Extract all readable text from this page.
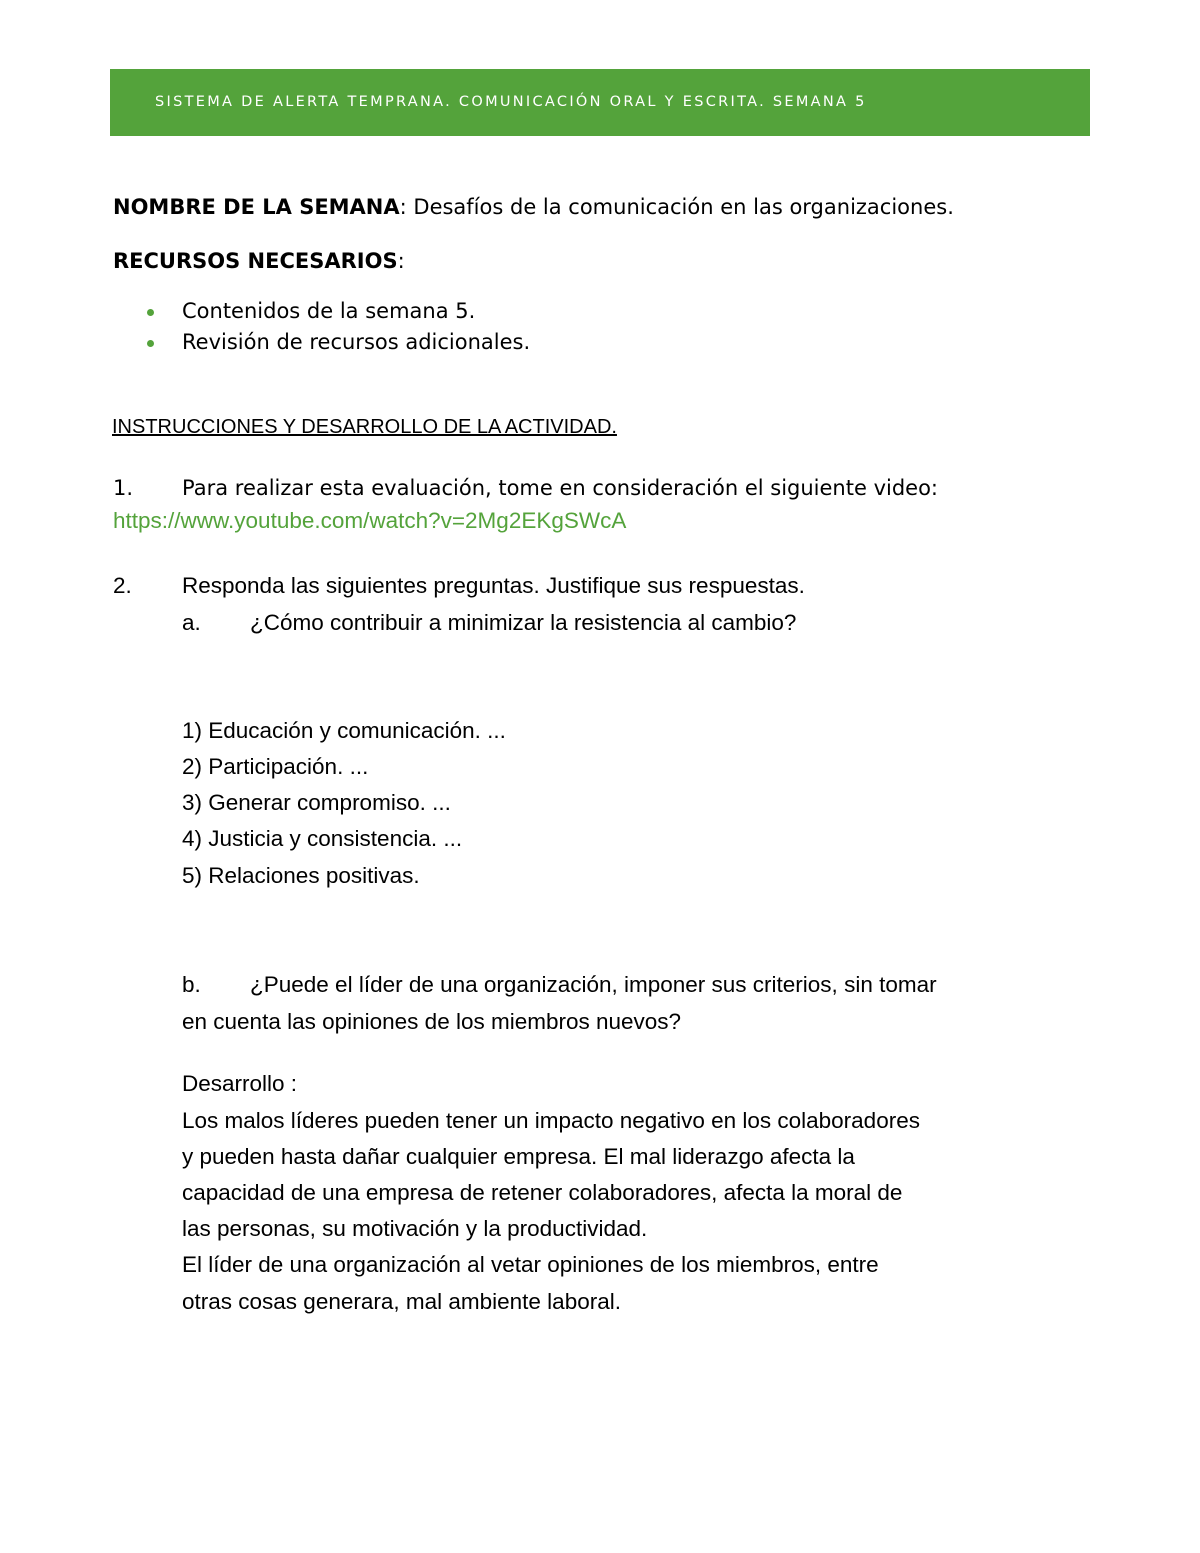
SISTEMA DE ALERTA TEMPRANA. COMUNICACIÓN ORAL Y ESCRITA. SEMANA 5

NOMBRE DE LA SEMANA: Desafíos de la comunicación en las organizaciones.

RECURSOS NECESARIOS:

Contenidos de la semana 5.

Revisión de recursos adicionales.

INSTRUCCIONES Y DESARROLLO DE LA ACTIVIDAD.

1. Para realizar esta evaluación, tome en consideración el siguiente video:

https://www.youtube.com/watch?v=2Mg2EKgSWcA

2. Responda las siguientes preguntas. Justifique sus respuestas.

a. ¿Cómo contribuir a minimizar la resistencia al cambio?

1) Educación y comunicación. ...

2) Participación. ...

3) Generar compromiso. ...

4) Justicia y consistencia. ...

5) Relaciones positivas.

b. ¿Puede el líder de una organización, imponer sus criterios, sin tomar

en cuenta las opiniones de los miembros nuevos?

Desarrollo :

Los malos líderes pueden tener un impacto negativo en los colaboradores

y pueden hasta dañar cualquier empresa. El mal liderazgo afecta la

capacidad de una empresa de retener colaboradores, afecta la moral de

las personas, su motivación y la productividad.

El líder de una organización al vetar opiniones de los miembros, entre

otras cosas generara, mal ambiente laboral.
